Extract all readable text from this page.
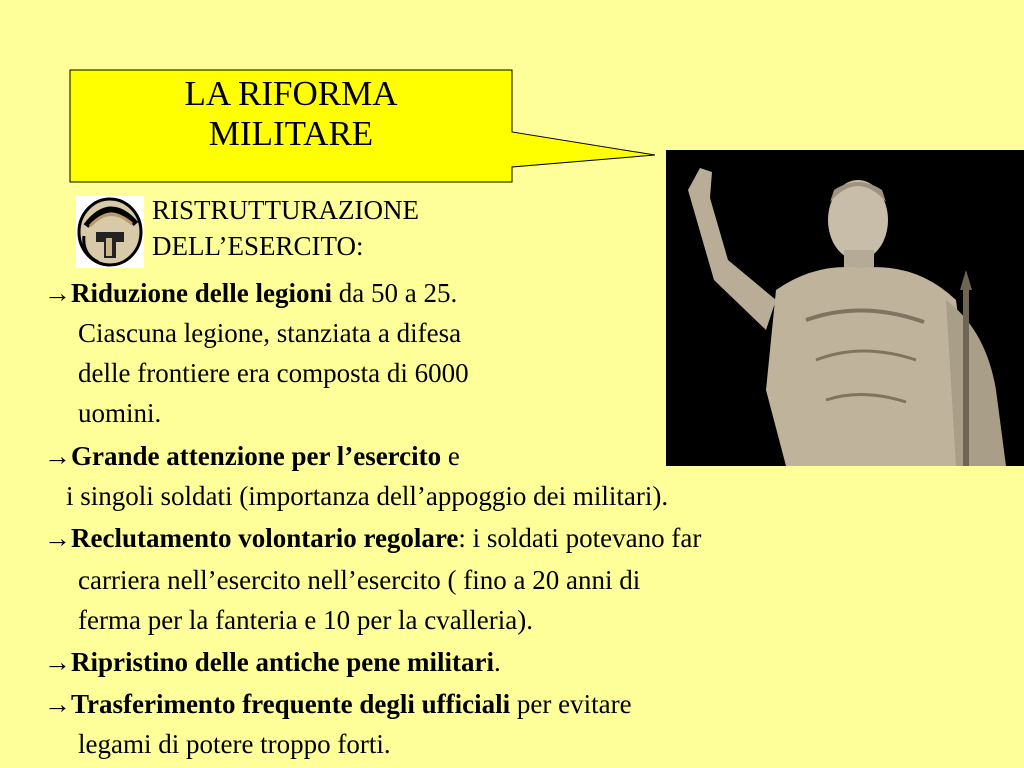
LA RIFORMA
MILITARE
RISTRUTTURAZIONE
DELL’ESERCITO:
→Riduzione delle legioni da 50 a 25.
Ciascuna legione, stanziata a difesa
delle frontiere era composta di 6000
uomini.
→Grande attenzione per l’esercito e
i singoli soldati (importanza dell’appoggio dei militari).
→Reclutamento volontario regolare: i soldati potevano far
carriera nell’esercito nell’esercito ( fino a 20 anni di
ferma per la fanteria e 10 per la cvalleria).
→Ripristino delle antiche pene militari.
→Trasferimento frequente degli ufficiali per evitare
legami di potere troppo forti.
